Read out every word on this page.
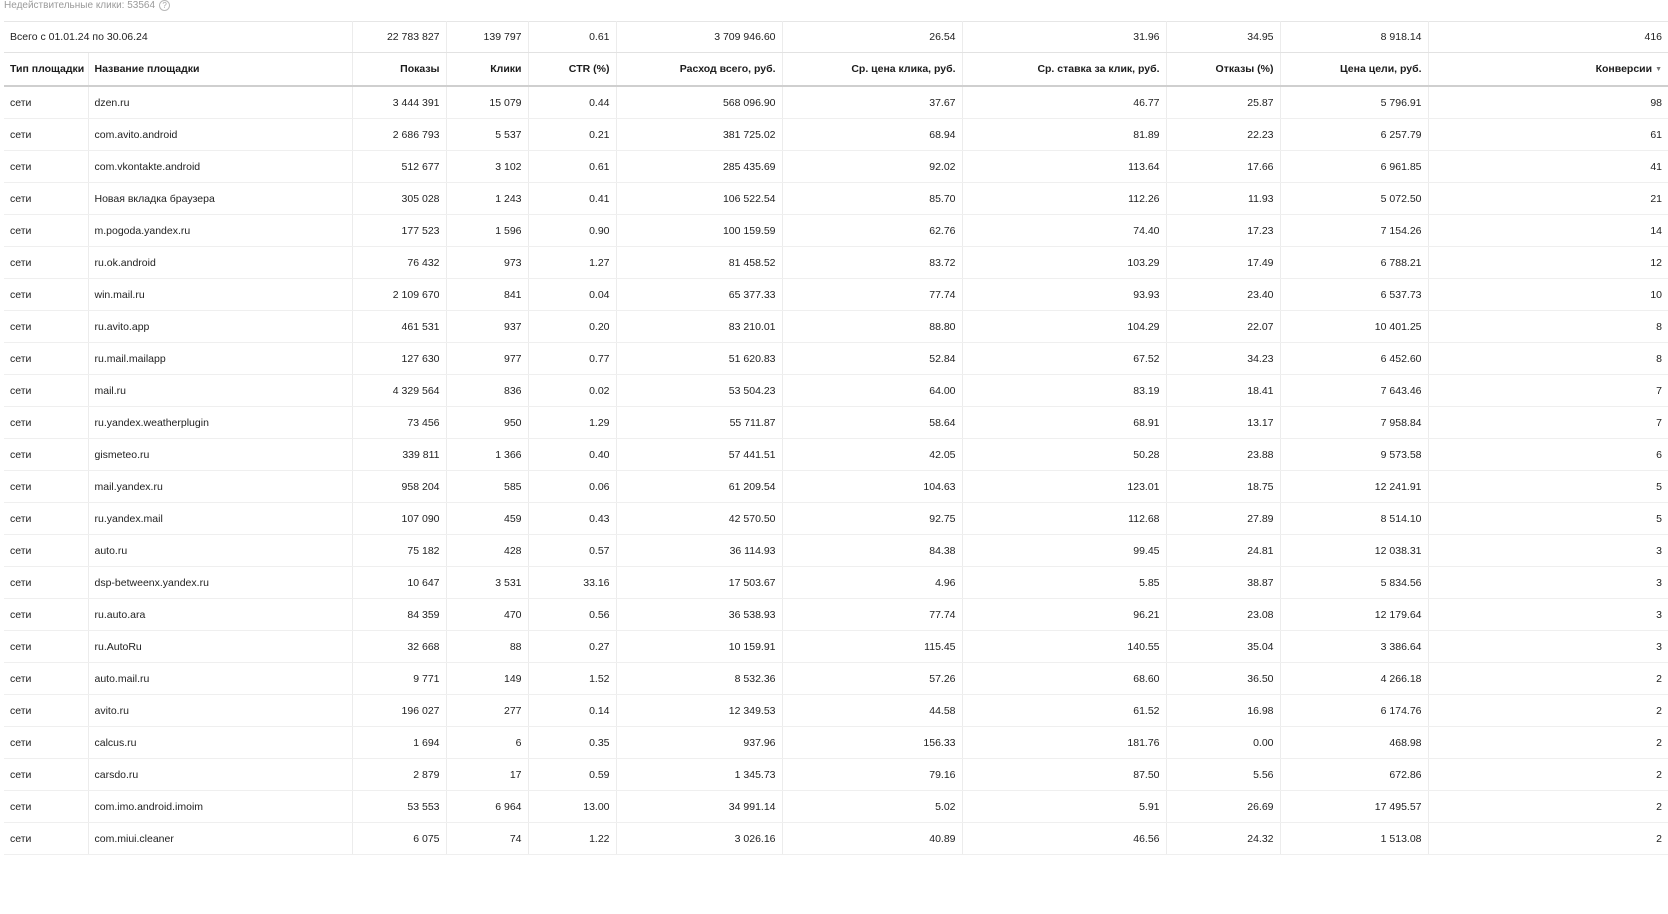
Недействительные клики: 53564 ?
Всего с 01.01.24 по 30.06.24		22 783 827	139 797	0.61	3 709 946.60	26.54	31.96	34.95	8 918.14	416
Тип площадки	Название площадки	Показы	Клики	CTR (%)	Расход всего, руб.	Ср. цена клика, руб.	Ср. ставка за клик, руб.	Отказы (%)	Цена цели, руб.	Конверсии ▼
сети	dzen.ru	3 444 391	15 079	0.44	568 096.90	37.67	46.77	25.87	5 796.91	98
сети	com.avito.android	2 686 793	5 537	0.21	381 725.02	68.94	81.89	22.23	6 257.79	61
сети	com.vkontakte.android	512 677	3 102	0.61	285 435.69	92.02	113.64	17.66	6 961.85	41
сети	Новая вкладка браузера	305 028	1 243	0.41	106 522.54	85.70	112.26	11.93	5 072.50	21
сети	m.pogoda.yandex.ru	177 523	1 596	0.90	100 159.59	62.76	74.40	17.23	7 154.26	14
сети	ru.ok.android	76 432	973	1.27	81 458.52	83.72	103.29	17.49	6 788.21	12
сети	win.mail.ru	2 109 670	841	0.04	65 377.33	77.74	93.93	23.40	6 537.73	10
сети	ru.avito.app	461 531	937	0.20	83 210.01	88.80	104.29	22.07	10 401.25	8
сети	ru.mail.mailapp	127 630	977	0.77	51 620.83	52.84	67.52	34.23	6 452.60	8
сети	mail.ru	4 329 564	836	0.02	53 504.23	64.00	83.19	18.41	7 643.46	7
сети	ru.yandex.weatherplugin	73 456	950	1.29	55 711.87	58.64	68.91	13.17	7 958.84	7
сети	gismeteo.ru	339 811	1 366	0.40	57 441.51	42.05	50.28	23.88	9 573.58	6
сети	mail.yandex.ru	958 204	585	0.06	61 209.54	104.63	123.01	18.75	12 241.91	5
сети	ru.yandex.mail	107 090	459	0.43	42 570.50	92.75	112.68	27.89	8 514.10	5
сети	auto.ru	75 182	428	0.57	36 114.93	84.38	99.45	24.81	12 038.31	3
сети	dsp-betweenx.yandex.ru	10 647	3 531	33.16	17 503.67	4.96	5.85	38.87	5 834.56	3
сети	ru.auto.ara	84 359	470	0.56	36 538.93	77.74	96.21	23.08	12 179.64	3
сети	ru.AutoRu	32 668	88	0.27	10 159.91	115.45	140.55	35.04	3 386.64	3
сети	auto.mail.ru	9 771	149	1.52	8 532.36	57.26	68.60	36.50	4 266.18	2
сети	avito.ru	196 027	277	0.14	12 349.53	44.58	61.52	16.98	6 174.76	2
сети	calcus.ru	1 694	6	0.35	937.96	156.33	181.76	0.00	468.98	2
сети	carsdo.ru	2 879	17	0.59	1 345.73	79.16	87.50	5.56	672.86	2
сети	com.imo.android.imoim	53 553	6 964	13.00	34 991.14	5.02	5.91	26.69	17 495.57	2
сети	com.miui.cleaner	6 075	74	1.22	3 026.16	40.89	46.56	24.32	1 513.08	2
